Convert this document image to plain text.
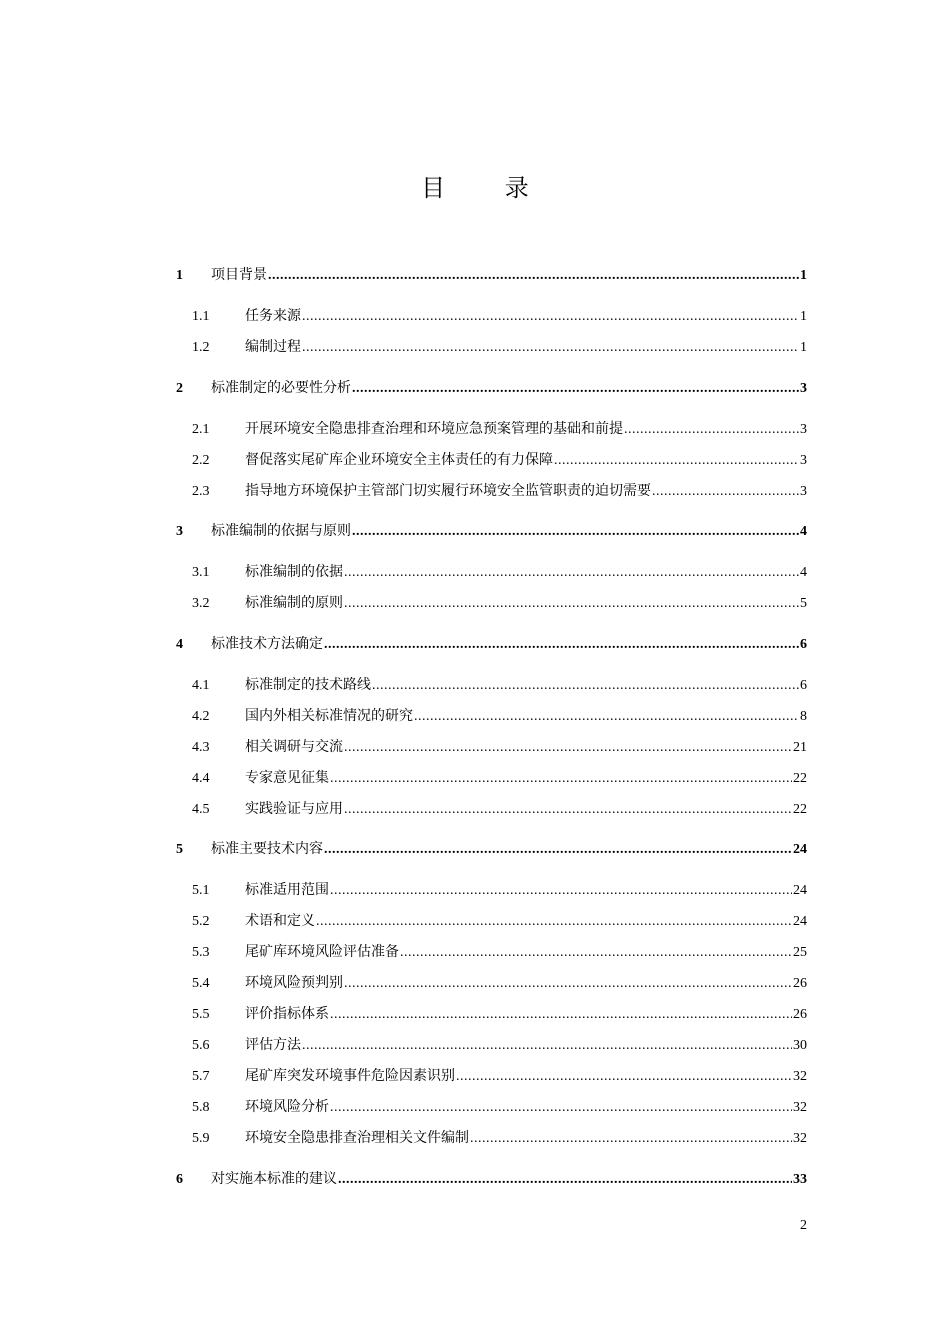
目 录
1	项目背景 .....	1
1.1	任务来源 .....	1
1.2	编制过程 .....	1
2	标准制定的必要性分析 .....	3
2.1	开展环境安全隐患排查治理和环境应急预案管理的基础和前提 .....	3
2.2	督促落实尾矿库企业环境安全主体责任的有力保障 .....	3
2.3	指导地方环境保护主管部门切实履行环境安全监管职责的迫切需要 .....	3
3	标准编制的依据与原则 .....	4
3.1	标准编制的依据 .....	4
3.2	标准编制的原则 .....	5
4	标准技术方法确定 .....	6
4.1	标准制定的技术路线 .....	6
4.2	国内外相关标准情况的研究 .....	8
4.3	相关调研与交流 .....	21
4.4	专家意见征集 .....	22
4.5	实践验证与应用 .....	22
5	标准主要技术内容 .....	24
5.1	标准适用范围 .....	24
5.2	术语和定义 .....	24
5.3	尾矿库环境风险评估准备 .....	25
5.4	环境风险预判别 .....	26
5.5	评价指标体系 .....	26
5.6	评估方法 .....	30
5.7	尾矿库突发环境事件危险因素识别 .....	32
5.8	环境风险分析 .....	32
5.9	环境安全隐患排查治理相关文件编制 .....	32
6	对实施本标准的建议 .....	33
2
